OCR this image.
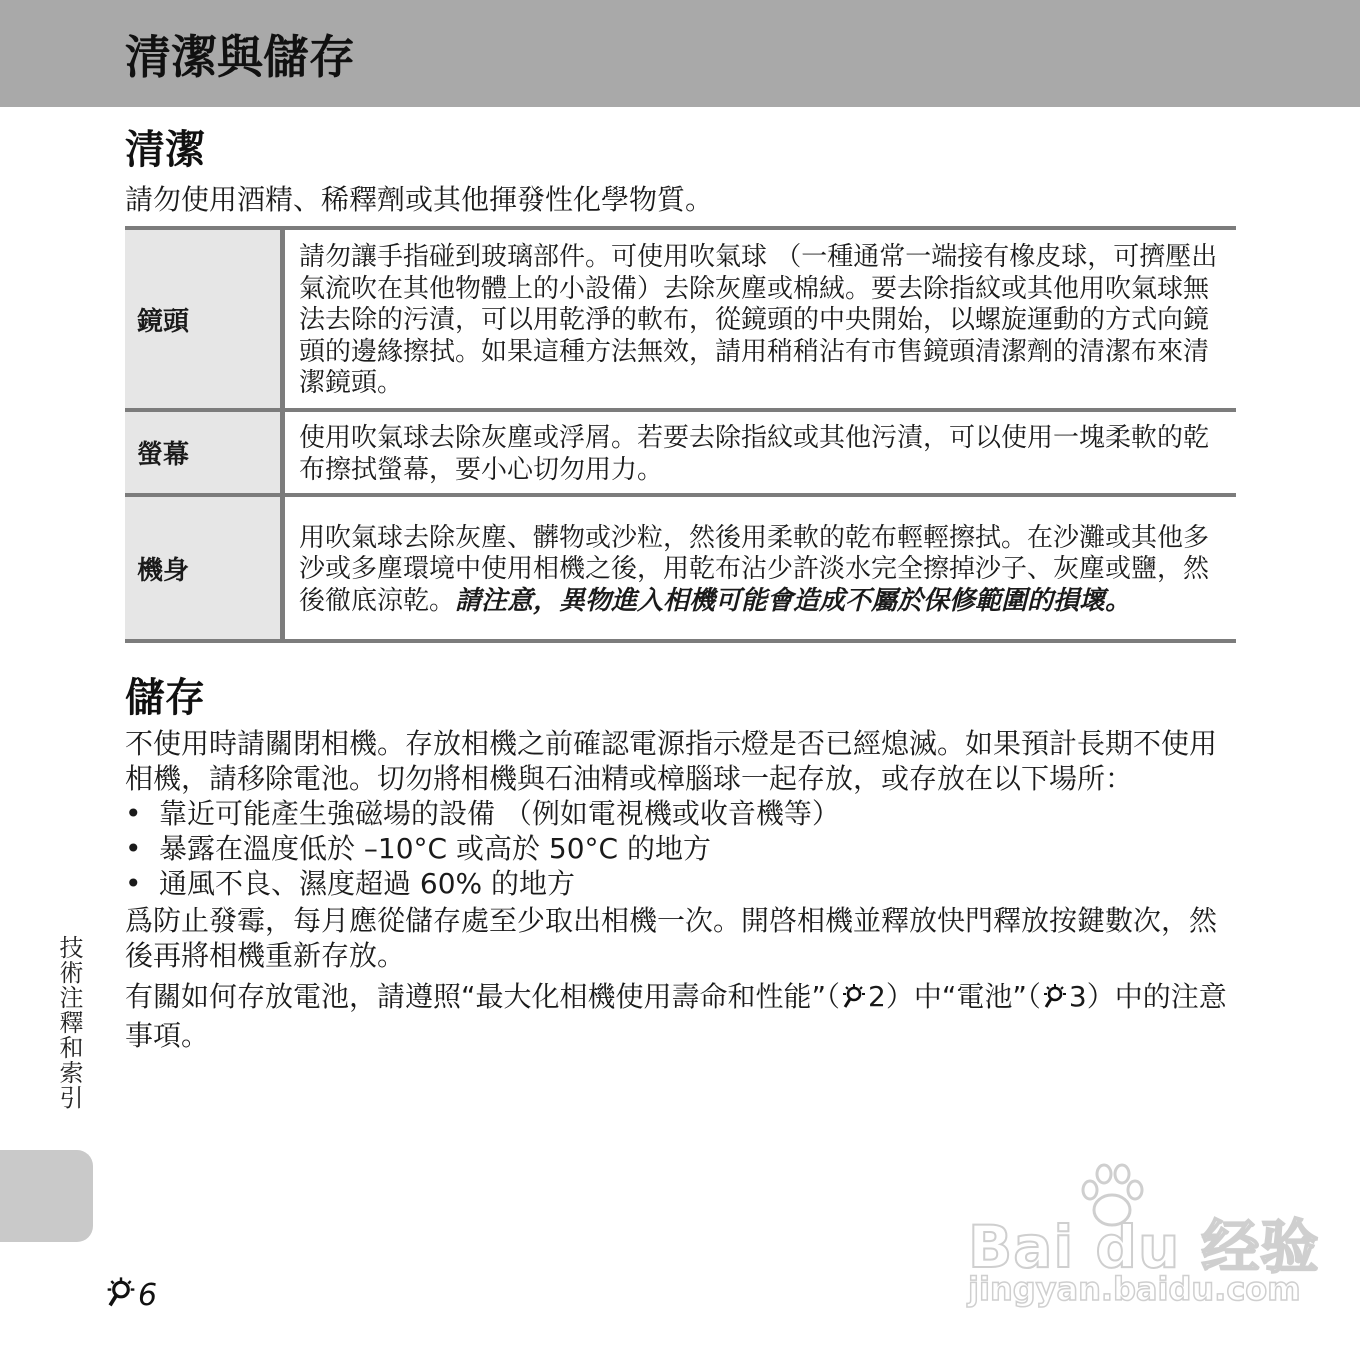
清潔與儲存
清潔

請勿使用酒精、稀釋劑或其他揮發性化學物質。

鏡頭	請勿讓手指碰到玻璃部件。可使用吹氣球 （一種通常一端接有橡皮球，可擠壓出氣流吹在其他物體上的小設備）去除灰塵或棉絨。要去除指紋或其他用吹氣球無法去除的污漬，可以用乾淨的軟布，從鏡頭的中央開始，以螺旋運動的方式向鏡頭的邊緣擦拭。如果這種方法無效，請用稍稍沾有市售鏡頭清潔劑的清潔布來清潔鏡頭。
螢幕	使用吹氣球去除灰塵或浮屑。若要去除指紋或其他污漬，可以使用一塊柔軟的乾布擦拭螢幕，要小心切勿用力。
機身	用吹氣球去除灰塵、髒物或沙粒，然後用柔軟的乾布輕輕擦拭。在沙灘或其他多沙或多塵環境中使用相機之後，用乾布沾少許淡水完全擦掉沙子、灰塵或鹽，然後徹底涼乾。請注意，異物進入相機可能會造成不屬於保修範圍的損壞。
儲存

不使用時請關閉相機。存放相機之前確認電源指示燈是否已經熄滅。如果預計長期不使用相機，請移除電池。切勿將相機與石油精或樟腦球一起存放，或存放在以下場所：

• 靠近可能產生強磁場的設備 （例如電視機或收音機等）
• 暴露在溫度低於 –10°C 或高於 50°C 的地方
• 通風不良、濕度超過 60% 的地方

爲防止發霉，每月應從儲存處至少取出相機一次。開啓相機並釋放快門釋放按鍵數次，然後再將相機重新存放。

有關如何存放電池，請遵照“最大化相機使用壽命和性能”（ 2）中“電池”（ 3）中的注意事項。

技術注釋和索引
6
Bai du 经验
jingyan.baidu.com
